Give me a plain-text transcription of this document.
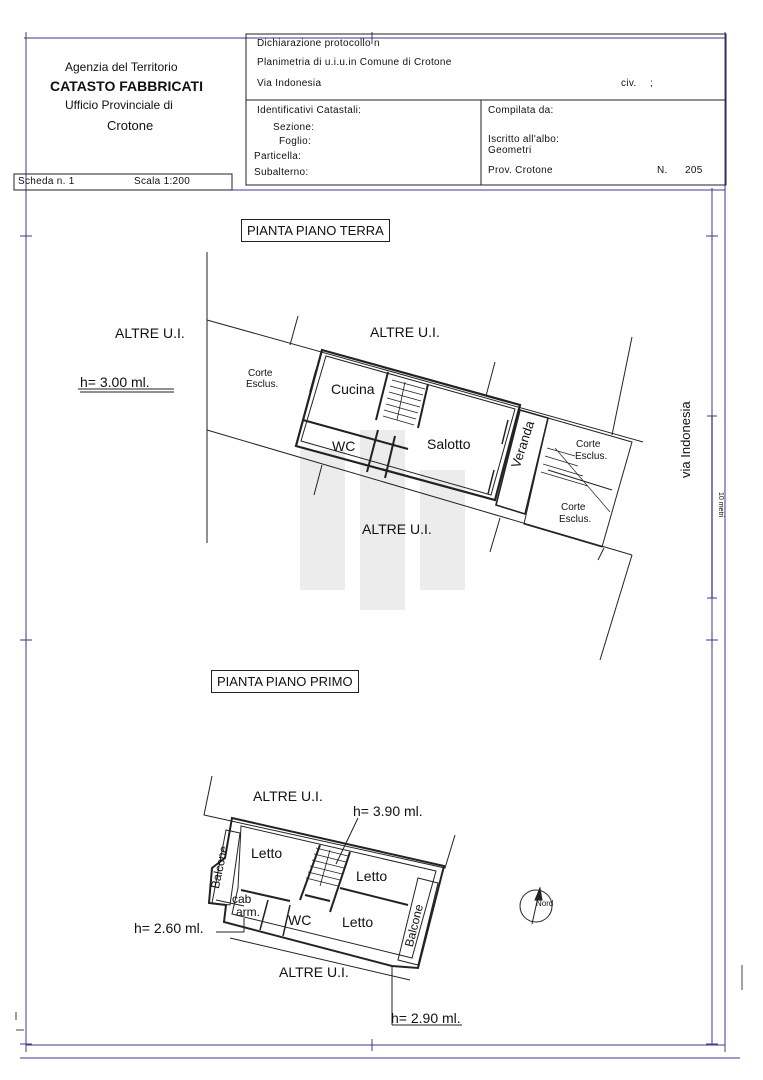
Agenzia del Territorio
CATASTO FABBRICATI
Ufficio Provinciale di
Crotone
Dichiarazione protocollo n
Planimetria di u.i.u.in Comune di Crotone
Via Indonesia	civ. ;
Identificativi Catastali:
Sezione:
Foglio:
Particella:
Subalterno:
Compilata da:
Iscritto all'albo:
Geometri
Prov. Crotone	N. 205
Scheda n. 1	Scala 1:200
PIANTA PIANO TERRA
ALTRE U.I.	ALTRE U.I.
ALTRE U.I.
h= 3.00 ml.
Corte
Esclus.	Cucina
WC	Salotto	Veranda	Corte
Esclus.
Corte
Esclus.
via Indonesia
10 metri
PIANTA PIANO PRIMO
ALTRE U.I.
h= 3.90 ml.
Letto
Letto
Letto
WC
cab
arm.
Balcone
Balcone
h= 2.60 ml.
ALTRE U.I.
h= 2.90 ml.
Nord
